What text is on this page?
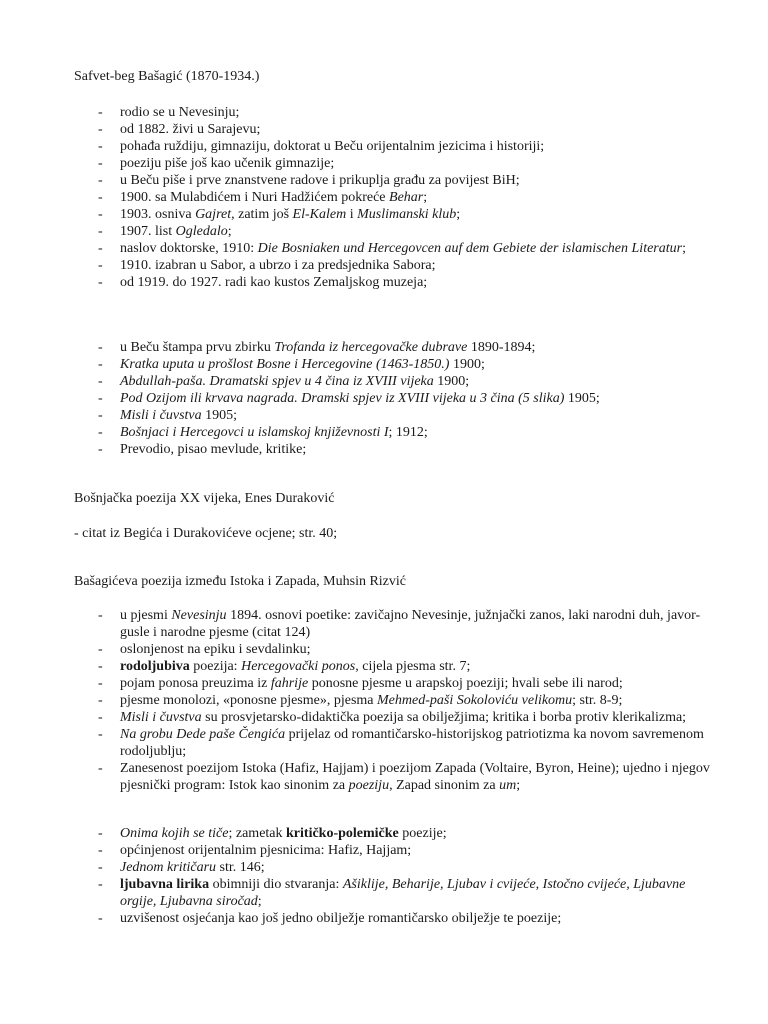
Safvet-beg Bašagić (1870-1934.)
- rodio se u Nevesinju;
- od 1882. živi u Sarajevu;
- pohađa ruždiju, gimnaziju, doktorat u Beču orijentalnim jezicima i historiji;
- poeziju piše još kao učenik gimnazije;
- u Beču piše i prve znanstvene radove i prikuplja građu za povijest BiH;
- 1900. sa Mulabdićem i Nuri Hadžićem pokreće Behar;
- 1903. osniva Gajret, zatim još El-Kalem i Muslimanski klub;
- 1907. list Ogledalo;
- naslov doktorske, 1910: Die Bosniaken und Hercegovcen auf dem Gebiete der islamischen Literatur;
- 1910. izabran u Sabor, a ubrzo i za predsjednika Sabora;
- od 1919. do 1927. radi kao kustos Zemaljskog muzeja;
- u Beču štampa prvu zbirku Trofanda iz hercegovačke dubrave 1890-1894;
- Kratka uputa u prošlost Bosne i Hercegovine (1463-1850.) 1900;
- Abdullah-paša. Dramatski spjev u 4 čina iz XVIII vijeka 1900;
- Pod Ozijom ili krvava nagrada. Dramski spjev iz XVIII vijeka u 3 čina (5 slika) 1905;
- Misli i čuvstva 1905;
- Bošnjaci i Hercegovci u islamskoj književnosti I; 1912;
- Prevodio, pisao mevlude, kritike;
Bošnjačka poezija XX vijeka, Enes Duraković
- citat iz Begića i Durakovićeve ocjene; str. 40;
Bašagićeva poezija između Istoka i Zapada, Muhsin Rizvić
- u pjesmi Nevesinju 1894. osnovi poetike: zavičajno Nevesinje, južnjački zanos, laki narodni duh, javor-gusle i narodne pjesme (citat 124)
- oslonjenost na epiku i sevdalinku;
- rodoljubiva poezija: Hercegovački ponos, cijela pjesma str. 7;
- pojam ponosa preuzima iz fahrije ponosne pjesme u arapskoj poeziji; hvali sebe ili narod;
- pjesme monolozi, «ponosne pjesme», pjesma Mehmed-paši Sokoloviću velikomu; str. 8-9;
- Misli i čuvstva su prosvjetarsko-didaktička poezija sa obilježjima; kritika i borba protiv klerikalizma;
- Na grobu Dede paše Čengića prijelaz od romantičarsko-historijskog patriotizma ka novom savremenom rodoljublju;
- Zanesenost poezijom Istoka (Hafiz, Hajjam) i poezijom Zapada (Voltaire, Byron, Heine); ujedno i njegov pjesnički program: Istok kao sinonim za poeziju, Zapad sinonim za um;
- Onima kojih se tiče; zametak kritičko-polemičke poezije;
- općinjenost orijentalnim pjesnicima: Hafiz, Hajjam;
- Jednom kritičaru str. 146;
- ljubavna lirika obimniji dio stvaranja: Ašiklije, Beharije, Ljubav i cvijeće, Istočno cvijeće, Ljubavne orgije, Ljubavna siročad;
- uzvišenost osjećanja kao još jedno obilježje romantičarsko obilježje te poezije;
